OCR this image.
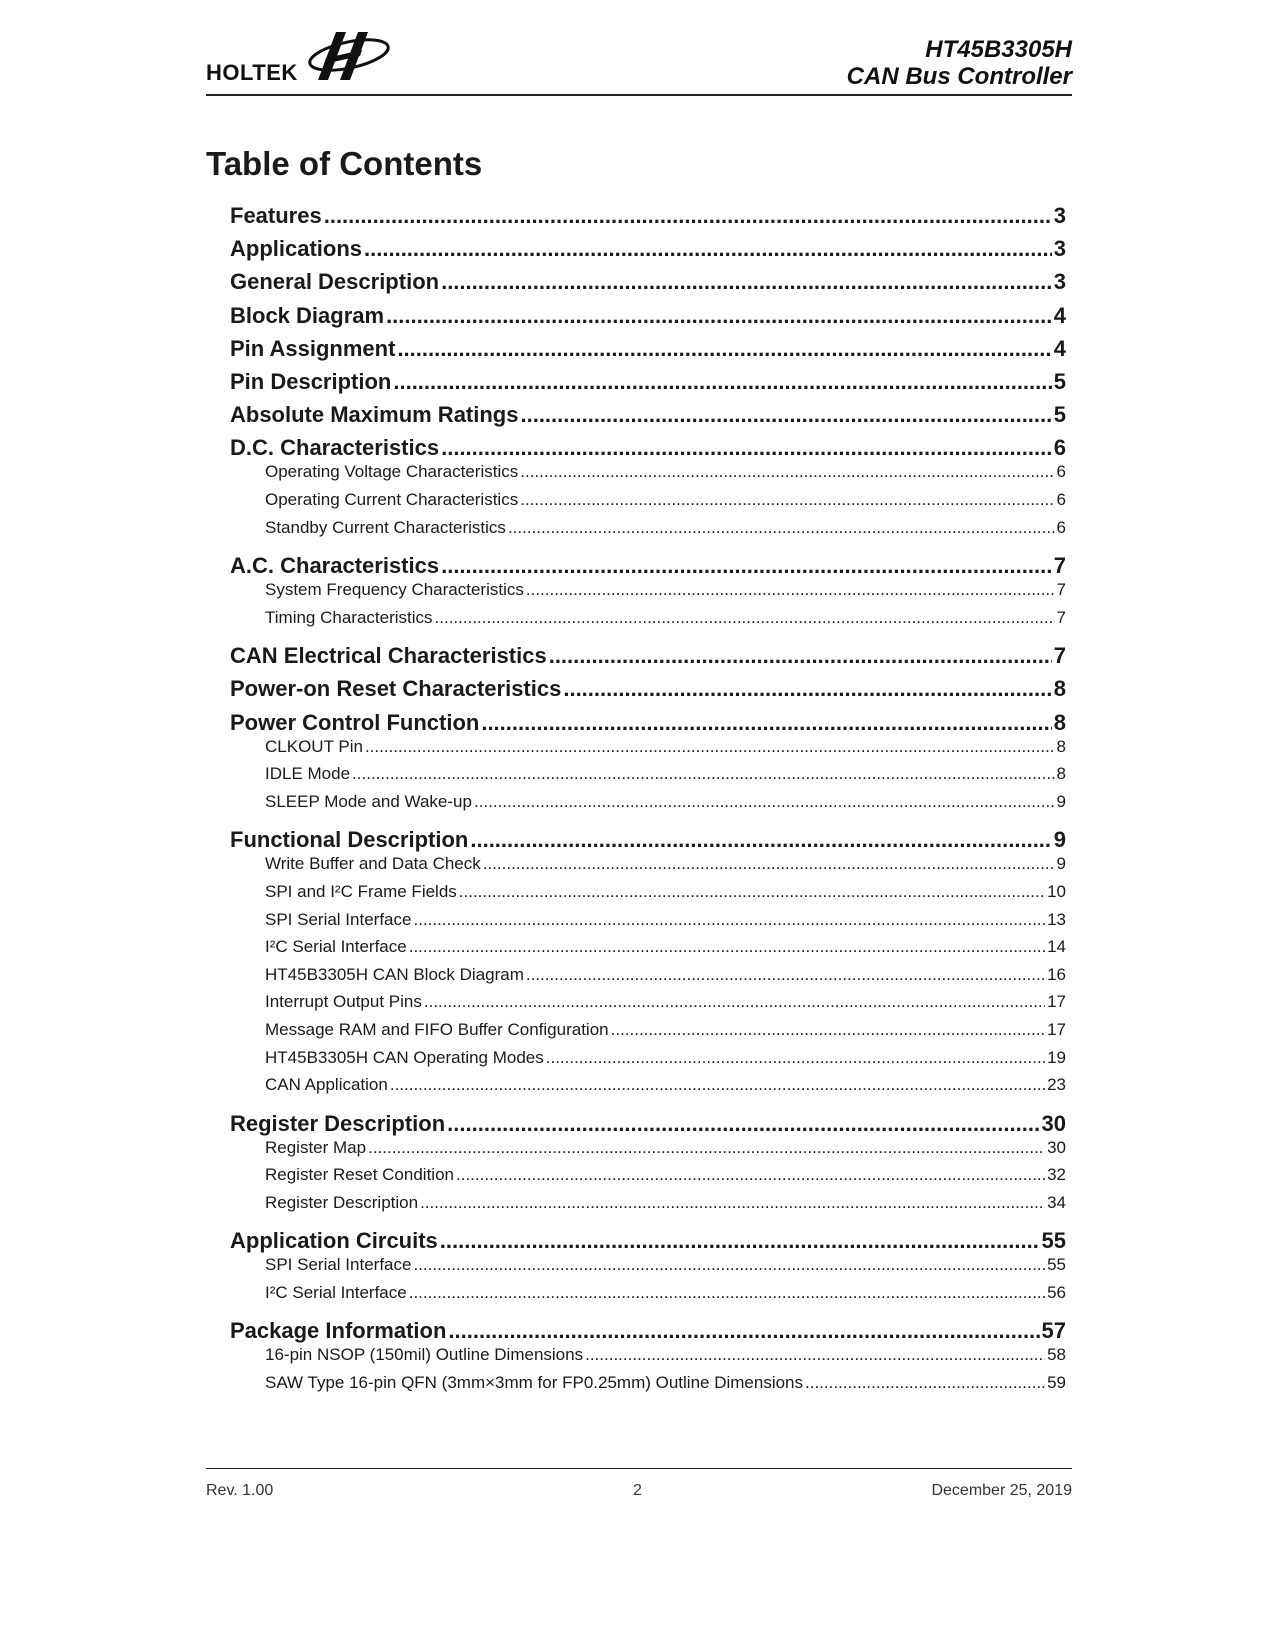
HOLTEK
HT45B3305H
CAN Bus Controller
Table of Contents
Features .....	3
Applications .....	3
General Description .....	3
Block Diagram .....	4
Pin Assignment .....	4
Pin Description .....	5
Absolute Maximum Ratings .....	5
D.C. Characteristics .....	6
Operating Voltage Characteristics .....	6
Operating Current Characteristics .....	6
Standby Current Characteristics .....	6
A.C. Characteristics .....	7
System Frequency Characteristics .....	7
Timing Characteristics .....	7
CAN Electrical Characteristics .....	7
Power-on Reset Characteristics .....	8
Power Control Function .....	8
CLKOUT Pin .....	8
IDLE Mode .....	8
SLEEP Mode and Wake-up .....	9
Functional Description .....	9
Write Buffer and Data Check .....	9
SPI and I²C Frame Fields .....	10
SPI Serial Interface .....	13
I²C Serial Interface .....	14
HT45B3305H CAN Block Diagram .....	16
Interrupt Output Pins .....	17
Message RAM and FIFO Buffer Configuration .....	17
HT45B3305H CAN Operating Modes .....	19
CAN Application .....	23
Register Description .....	30
Register Map .....	30
Register Reset Condition .....	32
Register Description .....	34
Application Circuits .....	55
SPI Serial Interface .....	55
I²C Serial Interface .....	56
Package Information .....	57
16-pin NSOP (150mil) Outline Dimensions .....	58
SAW Type 16-pin QFN (3mm×3mm for FP0.25mm) Outline Dimensions .....	59
Rev. 1.00	2	December 25, 2019
